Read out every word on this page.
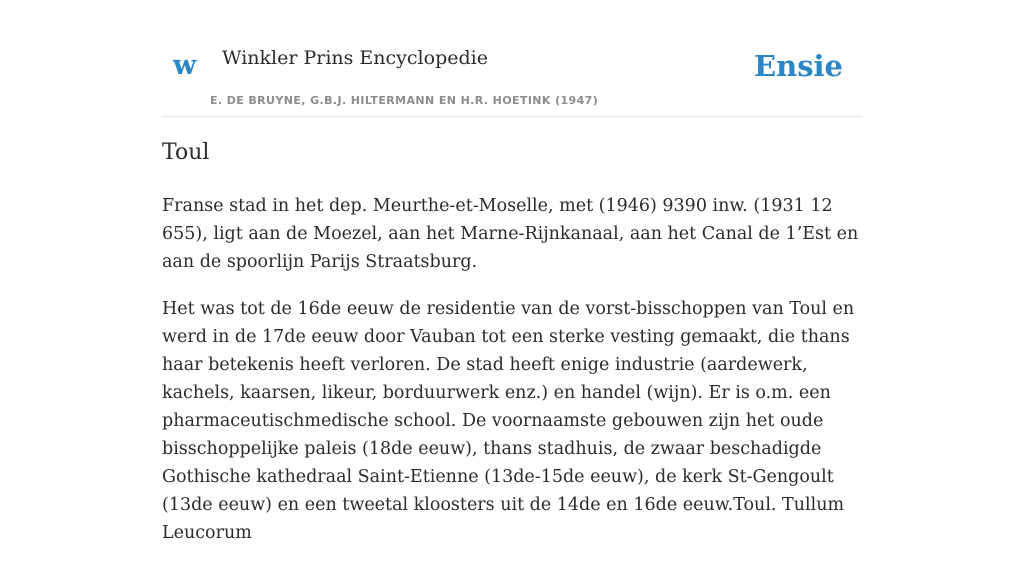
w Winkler Prins Encyclopedie
E. DE BRUYNE, G.B.J. HILTERMANN EN H.R. HOETINK (1947)
Ensie
Toul

Franse stad in het dep. Meurthe-et-Moselle, met (1946) 9390 inw. (1931 12 655), ligt aan de Moezel, aan het Marne-Rijnkanaal, aan het Canal de 1’Est en aan de spoorlijn Parijs Straatsburg.

Het was tot de 16de eeuw de residentie van de vorst-bisschoppen van Toul en werd in de 17de eeuw door Vauban tot een sterke vesting gemaakt, die thans haar betekenis heeft verloren. De stad heeft enige industrie (aardewerk, kachels, kaarsen, likeur, borduurwerk enz.) en handel (wijn). Er is o.m. een pharmaceutischmedische school. De voornaamste gebouwen zijn het oude bisschoppelijke paleis (18de eeuw), thans stadhuis, de zwaar beschadigde Gothische kathedraal Saint-Etienne (13de-15de eeuw), de kerk St-Gengoult (13de eeuw) en een tweetal kloosters uit de 14de en 16de eeuw.Toul. Tullum Leucorum
